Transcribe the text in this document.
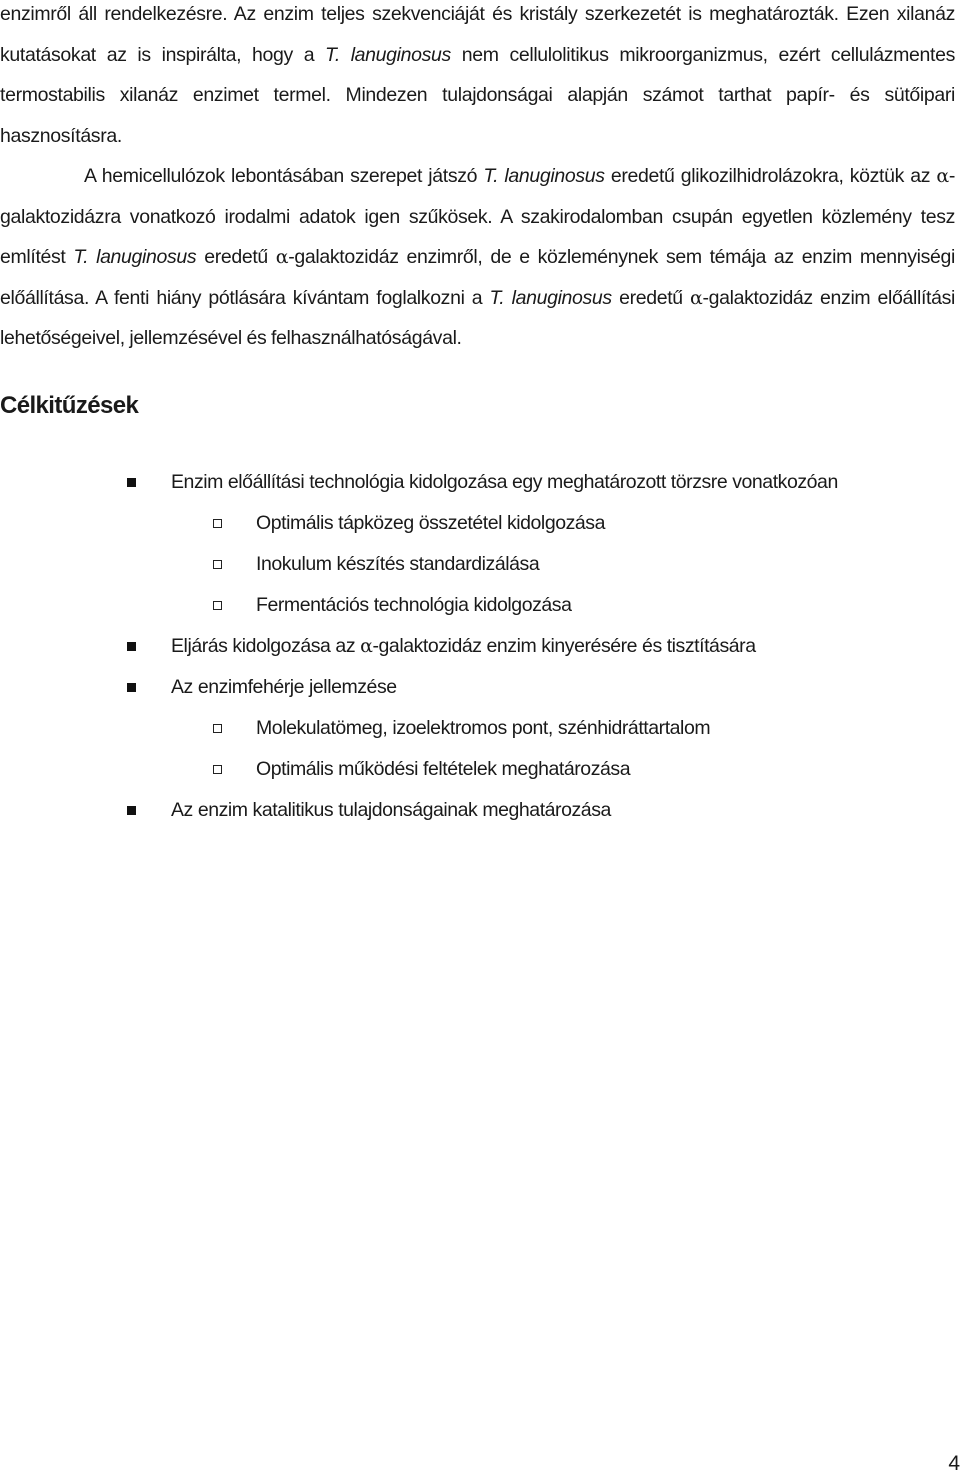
enzimről áll rendelkezésre. Az enzim teljes szekvenciáját és kristály szerkezetét is meghatározták. Ezen xilanáz kutatásokat az is inspirálta, hogy a T. lanuginosus nem cellulolitikus mikroorganizmus, ezért cellulázmentes termostabilis xilanáz enzimet termel. Mindezen tulajdonságai alapján számot tarthat papír- és sütőipari hasznosításra.

A hemicellulózok lebontásában szerepet játszó T. lanuginosus eredetű glikozilhidrolázokra, köztük az α-galaktozidázra vonatkozó irodalmi adatok igen szűkösek. A szakirodalomban csupán egyetlen közlemény tesz említést T. lanuginosus eredetű α-galaktozidáz enzimről, de e közleménynek sem témája az enzim mennyiségi előállítása. A fenti hiány pótlására kívántam foglalkozni a T. lanuginosus eredetű α-galaktozidáz enzim előállítási lehetőségeivel, jellemzésével és felhasználhatóságával.

Célkitűzések
Enzim előállítási technológia kidolgozása egy meghatározott törzsre vonatkozóan
Optimális tápközeg összetétel kidolgozása
Inokulum készítés standardizálása
Fermentációs technológia kidolgozása
Eljárás kidolgozása az α-galaktozidáz enzim kinyerésére és tisztítására
Az enzimfehérje jellemzése
Molekulatömeg, izoelektromos pont, szénhidráttartalom
Optimális működési feltételek meghatározása
Az enzim katalitikus tulajdonságainak meghatározása
4
